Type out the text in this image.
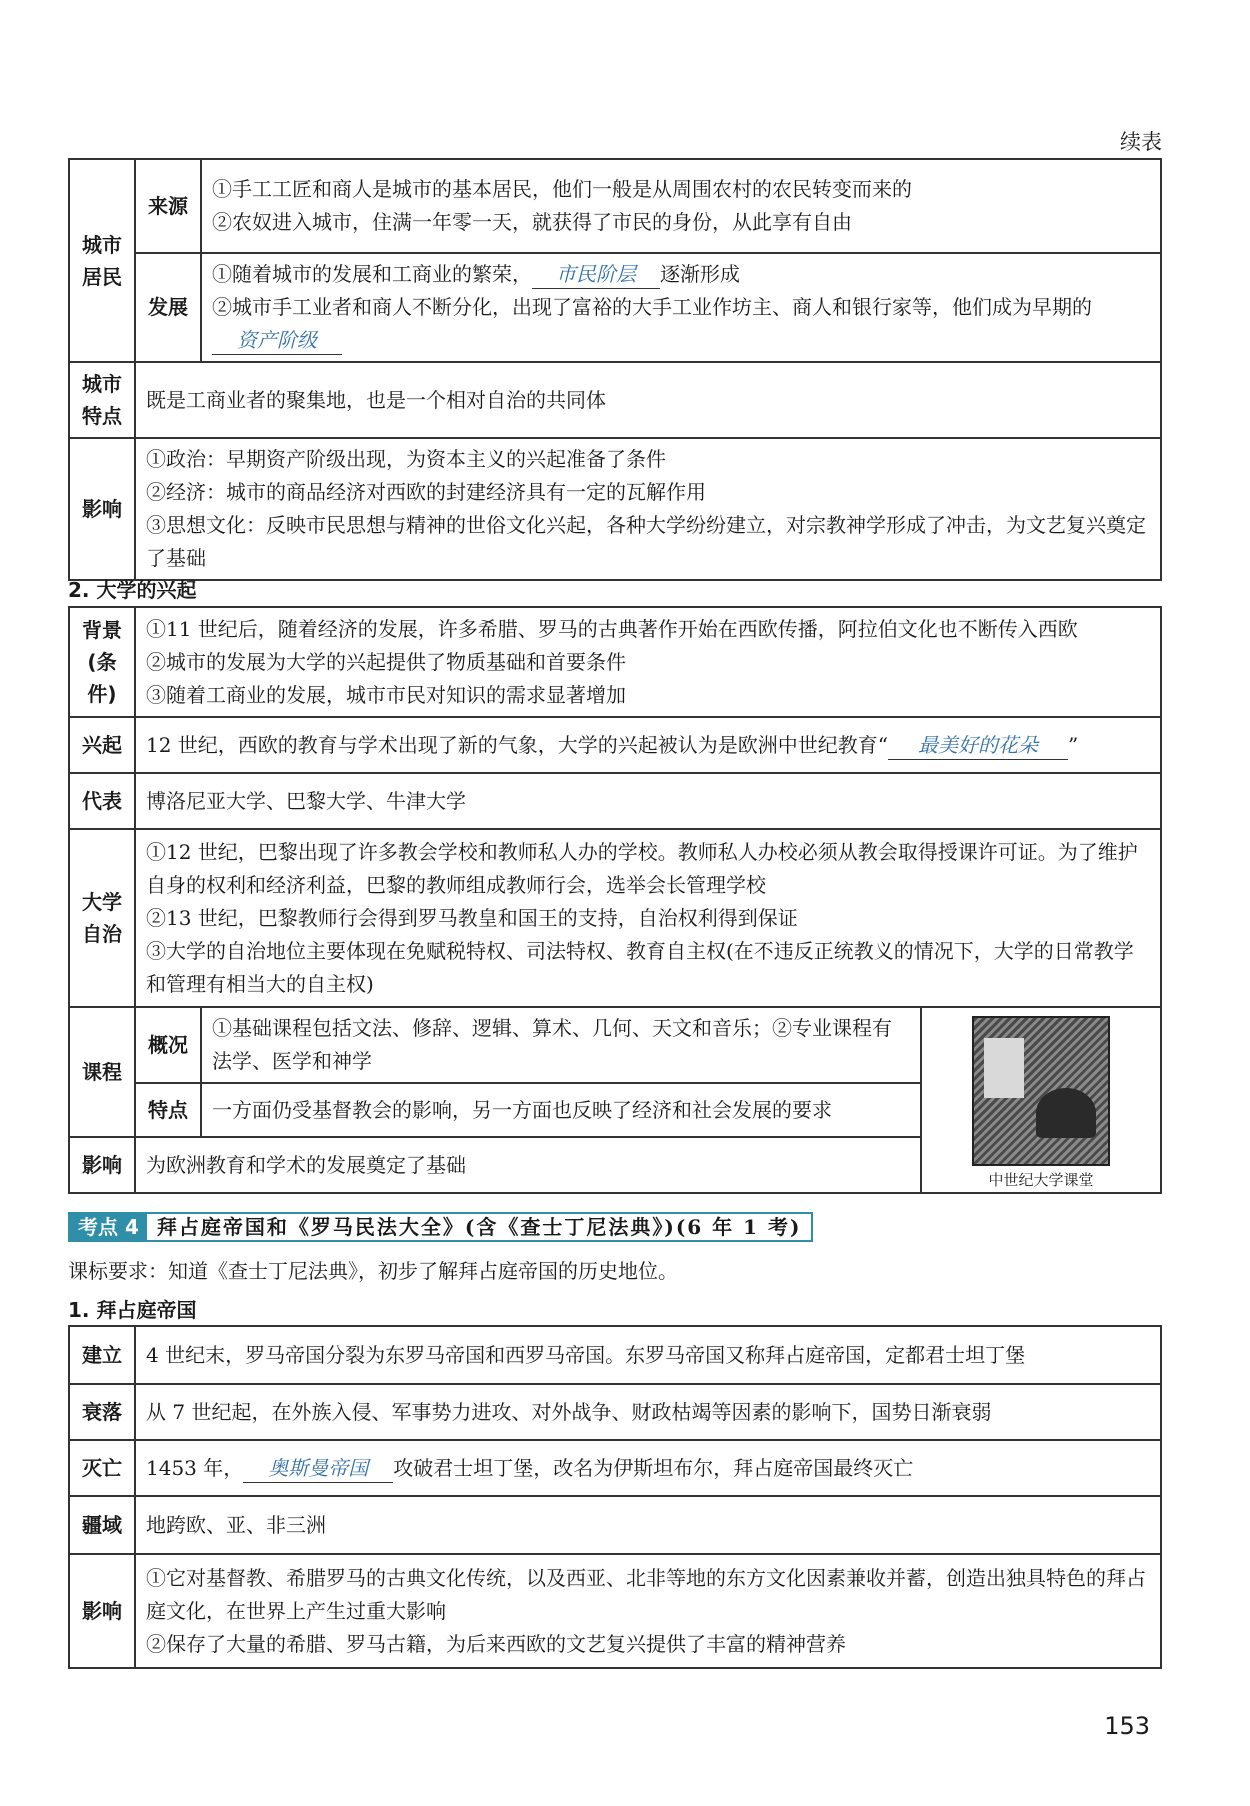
续表
城市居民	来源	①手工工匠和商人是城市的基本居民，他们一般是从周围农村的农民转变而来的
②农奴进入城市，住满一年零一天，就获得了市民的身份，从此享有自由

	发展	①随着城市的发展和工商业的繁荣， 市民阶层 逐渐形成
②城市手工业者和商人不断分化，出现了富裕的大手工业作坊主、商人和银行家等，他们成为早期的资产阶级

城市特点	既是工商业者的聚集地，也是一个相对自治的共同体	
影响	①政治：早期资产阶级出现，为资本主义的兴起准备了条件
②经济：城市的商品经济对西欧的封建经济具有一定的瓦解作用
③思想文化：反映市民思想与精神的世俗文化兴起，各种大学纷纷建立，对宗教神学形成了冲击，为文艺复兴奠定了基础	
2. 大学的兴起
背景(条件)	①11 世纪后，随着经济的发展，许多希腊、罗马的古典著作开始在西欧传播，阿拉伯文化也不断传入西欧
②城市的发展为大学的兴起提供了物质基础和首要条件
③随着工商业的发展，城市市民对知识的需求显著增加		

兴起	12 世纪，西欧的教育与学术出现了新的气象，大学的兴起被认为是欧洲中世纪教育“ 最美好的花朵 ”		
代表	博洛尼亚大学、巴黎大学、牛津大学		
大学自治	①12 世纪，巴黎出现了许多教会学校和教师私人办的学校。教师私人办校必须从教会取得授课许可证。为了维护自身的权利和经济利益，巴黎的教师组成教师行会，选举会长管理学校
②13 世纪，巴黎教师行会得到罗马教皇和国王的支持，自治权利得到保证
③大学的自治地位主要体现在免赋税特权、司法特权、教育自主权(在不违反正统教义的情况下，大学的日常教学和管理有相当大的自主权)		

课程	概况	①基础课程包括文法、修辞、逻辑、算术、几何、天文和音乐；②专业课程有法学、医学和神学	中世纪大学课堂

	特点	一方面仍受基督教会的影响，另一方面也反映了经济和社会发展的要求	
影响	为欧洲教育和学术的发展奠定了基础		
考点 4 拜占庭帝国和《罗马民法大全》(含《查士丁尼法典》)(6 年 1 考)
课标要求：知道《查士丁尼法典》，初步了解拜占庭帝国的历史地位。
1. 拜占庭帝国
建立	4 世纪末，罗马帝国分裂为东罗马帝国和西罗马帝国。东罗马帝国又称拜占庭帝国，定都君士坦丁堡
衰落	从 7 世纪起，在外族入侵、军事势力进攻、对外战争、财政枯竭等因素的影响下，国势日渐衰弱
灭亡	1453 年， 奥斯曼帝国 攻破君士坦丁堡，改名为伊斯坦布尔，拜占庭帝国最终灭亡
疆域	地跨欧、亚、非三洲
影响	①它对基督教、希腊罗马的古典文化传统，以及西亚、北非等地的东方文化因素兼收并蓄，创造出独具特色的拜占庭文化，在世界上产生过重大影响
②保存了大量的希腊、罗马古籍，为后来西欧的文艺复兴提供了丰富的精神营养
153
